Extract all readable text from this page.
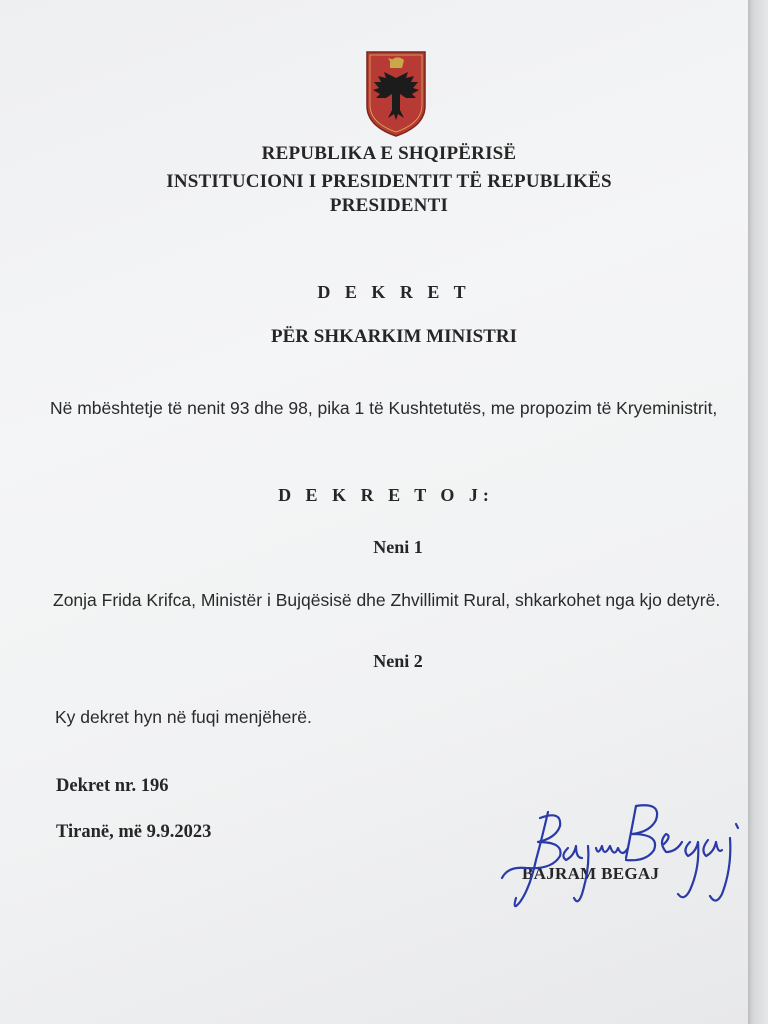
REPUBLIKA E SHQIPËRISË
INSTITUCIONI I PRESIDENTIT TË REPUBLIKËS
PRESIDENTI
D E K R E T
PËR SHKARKIM MINISTRI
Në mbështetje të nenit 93 dhe 98, pika 1 të Kushtetutës, me propozim të Kryeministrit,
D E K R E T O J:
Neni 1
Zonja Frida Krifca, Ministër i Bujqësisë dhe Zhvillimit Rural, shkarkohet nga kjo detyrë.
Neni 2
Ky dekret hyn në fuqi menjëherë.
Dekret nr. 196
Tiranë, më 9.9.2023
BAJRAM BEGAJ
